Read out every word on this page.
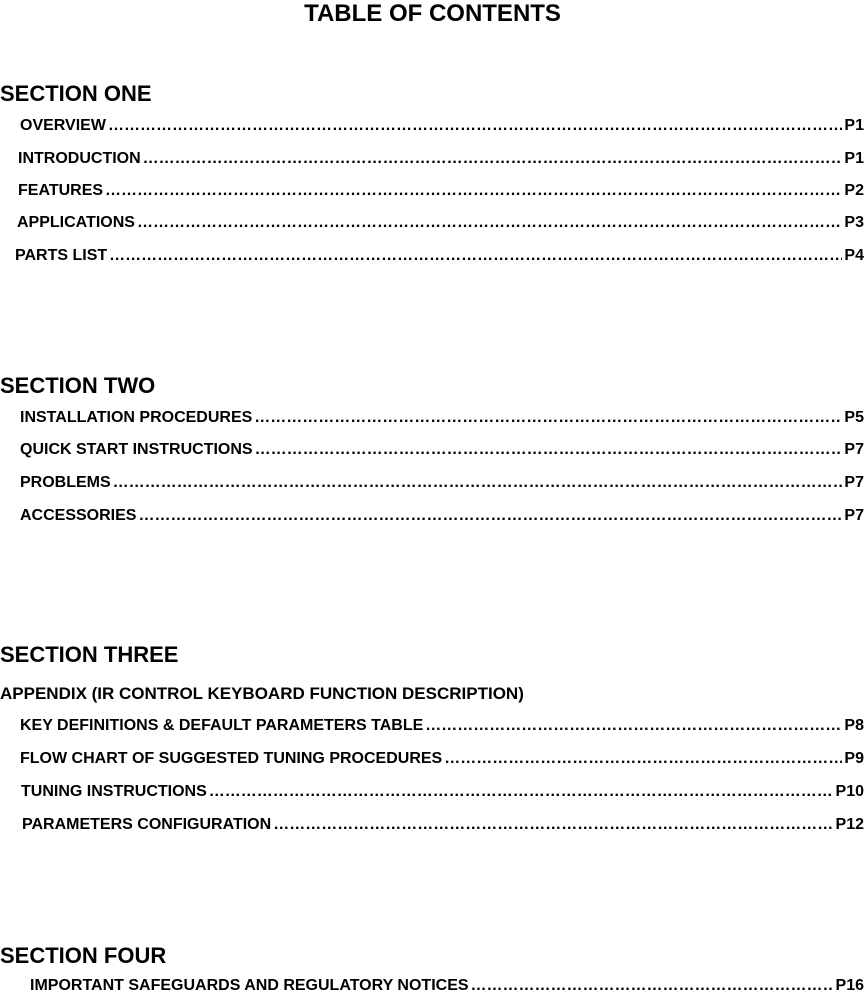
TABLE OF CONTENTS
SECTION ONE
OVERVIEW ………………………………………………………………………………………………………………………………………………………………………………………………………	P1
INTRODUCTION ………………………………………………………………………………………………………………………………………………………………………………………………………	P1
FEATURES ………………………………………………………………………………………………………………………………………………………………………………………………………	P2
APPLICATIONS ………………………………………………………………………………………………………………………………………………………………………………………………………	P3
PARTS LIST ………………………………………………………………………………………………………………………………………………………………………………………………………	P4
SECTION TWO
INSTALLATION PROCEDURES ………………………………………………………………………………………………………………………………………………………………………………………………………	P5
QUICK START INSTRUCTIONS ………………………………………………………………………………………………………………………………………………………………………………………………………	P7
PROBLEMS ………………………………………………………………………………………………………………………………………………………………………………………………………	P7
ACCESSORIES ………………………………………………………………………………………………………………………………………………………………………………………………………	P7
SECTION THREE
APPENDIX (IR CONTROL KEYBOARD FUNCTION DESCRIPTION)
KEY DEFINITIONS & DEFAULT PARAMETERS TABLE ………………………………………………………………………………………………………………………………………………………………………………………………………	P8
FLOW CHART OF SUGGESTED TUNING PROCEDURES ………………………………………………………………………………………………………………………………………………………………………………………………………	P9
TUNING INSTRUCTIONS ………………………………………………………………………………………………………………………………………………………………………………………………………	P10
PARAMETERS CONFIGURATION ………………………………………………………………………………………………………………………………………………………………………………………………………	P12
SECTION FOUR
IMPORTANT SAFEGUARDS AND REGULATORY NOTICES ………………………………………………………………………………………………………………………………………………………………………………………………………	P16
